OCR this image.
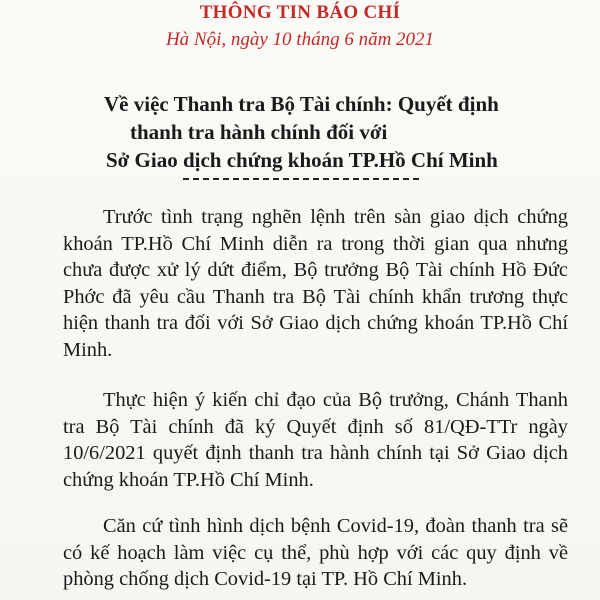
THÔNG TIN BÁO CHÍ
Hà Nội, ngày 10 tháng 6 năm 2021
Về việc Thanh tra Bộ Tài chính: Quyết định
thanh tra hành chính đối với
Sở Giao dịch chứng khoán TP.Hồ Chí Minh

Trước tình trạng nghẽn lệnh trên sàn giao dịch chứng khoán TP.Hồ Chí Minh diễn ra trong thời gian qua nhưng chưa được xử lý dứt điểm, Bộ trưởng Bộ Tài chính Hồ Đức Phớc đã yêu cầu Thanh tra Bộ Tài chính khẩn trương thực hiện thanh tra đối với Sở Giao dịch chứng khoán TP.Hồ Chí Minh.

Thực hiện ý kiến chỉ đạo của Bộ trưởng, Chánh Thanh tra Bộ Tài chính đã ký Quyết định số 81/QĐ-TTr ngày 10/6/2021 quyết định thanh tra hành chính tại Sở Giao dịch chứng khoán TP.Hồ Chí Minh.

Căn cứ tình hình dịch bệnh Covid-19, đoàn thanh tra sẽ có kế hoạch làm việc cụ thể, phù hợp với các quy định về phòng chống dịch Covid-19 tại TP. Hồ Chí Minh.
